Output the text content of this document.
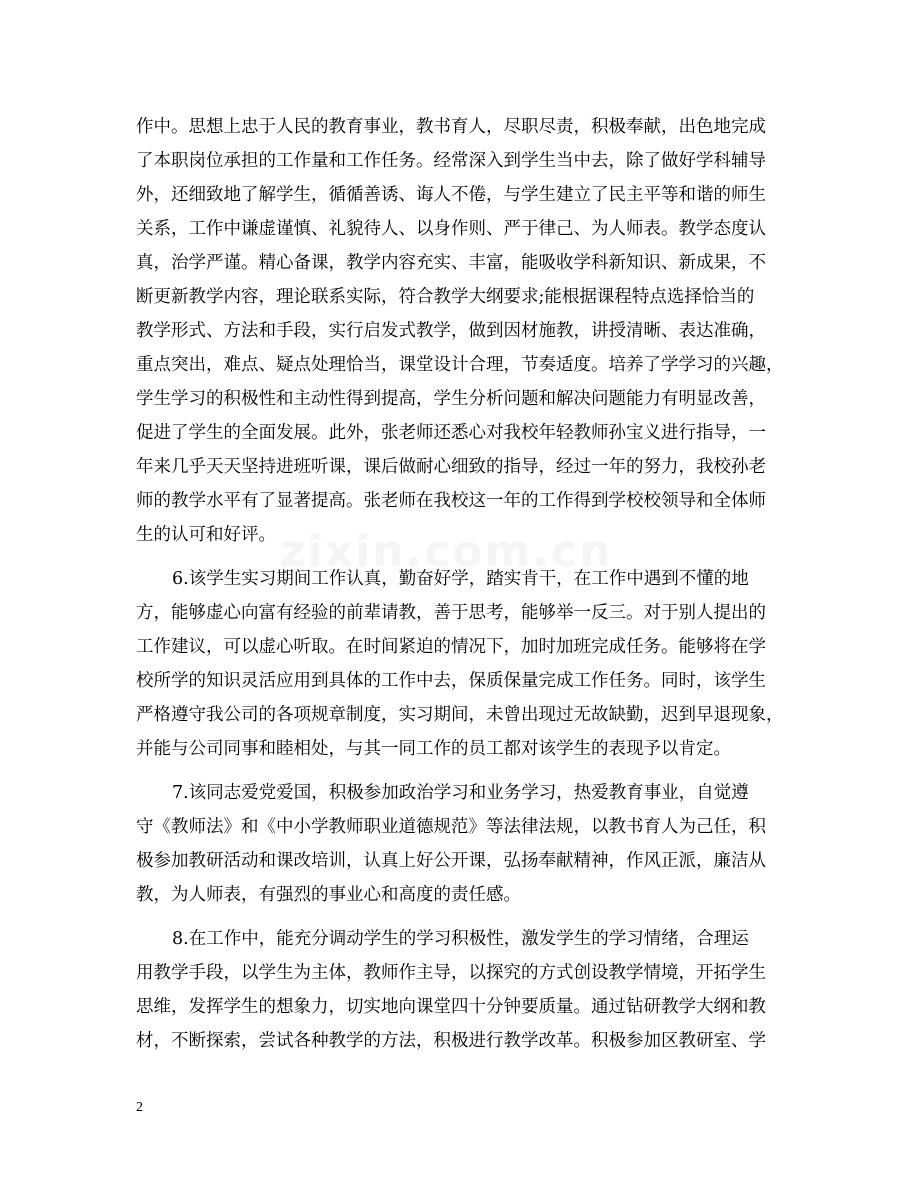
zixin.com.cn
作中。思想上忠于人民的教育事业，教书育人，尽职尽责，积极奉献，出色地完成
了本职岗位承担的工作量和工作任务。经常深入到学生当中去，除了做好学科辅导
外，还细致地了解学生，循循善诱、诲人不倦，与学生建立了民主平等和谐的师生
关系，工作中谦虚谨慎、礼貌待人、以身作则、严于律己、为人师表。教学态度认
真，治学严谨。精心备课，教学内容充实、丰富，能吸收学科新知识、新成果，不
断更新教学内容，理论联系实际，符合教学大纲要求;能根据课程特点选择恰当的
教学形式、方法和手段，实行启发式教学，做到因材施教，讲授清晰、表达准确，
重点突出，难点、疑点处理恰当，课堂设计合理，节奏适度。培养了学学习的兴趣，
学生学习的积极性和主动性得到提高，学生分析问题和解决问题能力有明显改善，
促进了学生的全面发展。此外，张老师还悉心对我校年轻教师孙宝义进行指导，一
年来几乎天天坚持进班听课，课后做耐心细致的指导，经过一年的努力，我校孙老
师的教学水平有了显著提高。张老师在我校这一年的工作得到学校校领导和全体师
生的认可和好评。
6.该学生实习期间工作认真，勤奋好学，踏实肯干，在工作中遇到不懂的地
方，能够虚心向富有经验的前辈请教，善于思考，能够举一反三。对于别人提出的
工作建议，可以虚心听取。在时间紧迫的情况下，加时加班完成任务。能够将在学
校所学的知识灵活应用到具体的工作中去，保质保量完成工作任务。同时，该学生
严格遵守我公司的各项规章制度，实习期间，未曾出现过无故缺勤，迟到早退现象，
并能与公司同事和睦相处，与其一同工作的员工都对该学生的表现予以肯定。
7.该同志爱党爱国，积极参加政治学习和业务学习，热爱教育事业，自觉遵
守《教师法》和《中小学教师职业道德规范》等法律法规，以教书育人为己任，积
极参加教研活动和课改培训，认真上好公开课，弘扬奉献精神，作风正派，廉洁从
教，为人师表，有强烈的事业心和高度的责任感。
8.在工作中，能充分调动学生的学习积极性，激发学生的学习情绪，合理运
用教学手段，以学生为主体，教师作主导，以探究的方式创设教学情境，开拓学生
思维，发挥学生的想象力，切实地向课堂四十分钟要质量。通过钻研教学大纲和教
材，不断探索，尝试各种教学的方法，积极进行教学改革。积极参加区教研室、学
2
